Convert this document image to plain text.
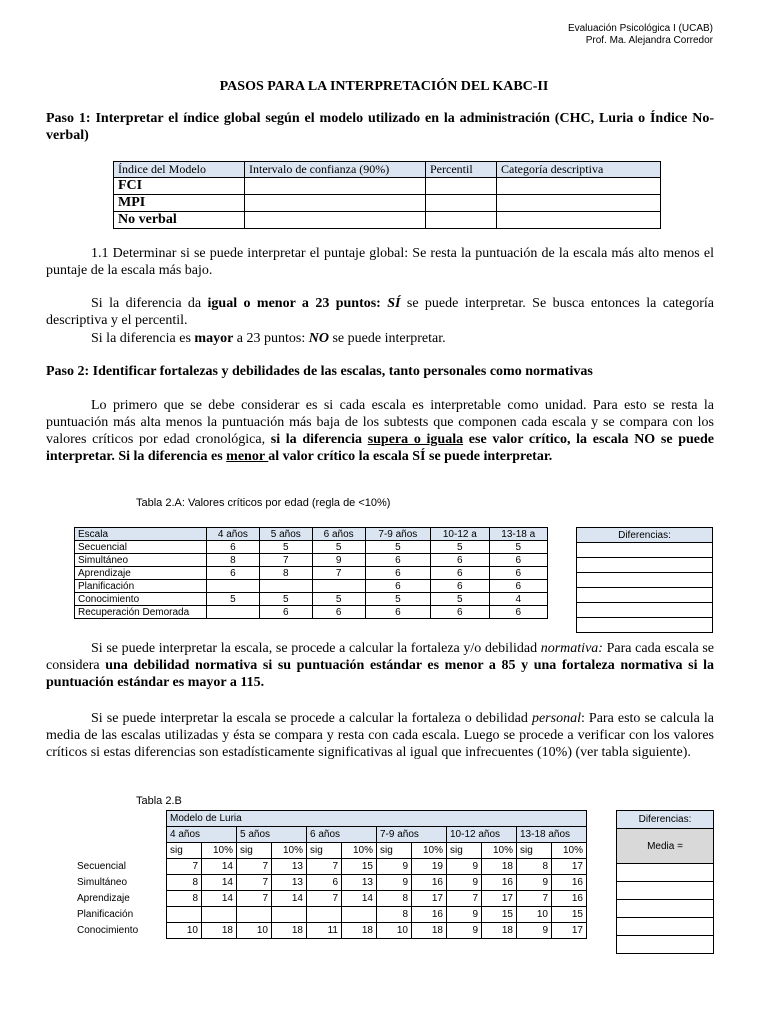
Evaluación Psicológica I (UCAB)
Prof. Ma. Alejandra Corredor
PASOS PARA LA INTERPRETACIÓN DEL KABC-II
Paso 1: Interpretar el índice global según el modelo utilizado en la administración (CHC, Luria o Índice No-verbal)
Índice del Modelo	Intervalo de confianza (90%)	Percentil	Categoría descriptiva
FCI			
MPI			
No verbal			
1.1 Determinar si se puede interpretar el puntaje global: Se resta la puntuación de la escala más alto menos el puntaje de la escala más bajo.
Si la diferencia da igual o menor a 23 puntos: SÍ se puede interpretar. Se busca entonces la categoría descriptiva y el percentil.
Si la diferencia es mayor a 23 puntos: NO se puede interpretar.
Paso 2: Identificar fortalezas y debilidades de las escalas, tanto personales como normativas
Lo primero que se debe considerar es si cada escala es interpretable como unidad. Para esto se resta la puntuación más alta menos la puntuación más baja de los subtests que componen cada escala y se compara con los valores críticos por edad cronológica, si la diferencia supera o iguala ese valor crítico, la escala NO se puede interpretar. Si la diferencia es menor al valor crítico la escala SÍ se puede interpretar.
Tabla 2.A: Valores críticos por edad (regla de <10%)
Escala	4 años	5 años	6 años	7-9 años	10-12 a	13-18 a
Secuencial	6	5	5	5	5	5
Simultáneo	8	7	9	6	6	6
Aprendizaje	6	8	7	6	6	6
Planificación				6	6	6
Conocimiento	5	5	5	5	5	4
Recuperación Demorada		6	6	6	6	6
Diferencias:

Si se puede interpretar la escala, se procede a calcular la fortaleza y/o debilidad normativa: Para cada escala se considera una debilidad normativa si su puntuación estándar es menor a 85 y una fortaleza normativa si la puntuación estándar es mayor a 115.
Si se puede interpretar la escala se procede a calcular la fortaleza o debilidad personal: Para esto se calcula la media de las escalas utilizadas y ésta se compara y resta con cada escala. Luego se procede a verificar con los valores críticos si estas diferencias son estadísticamente significativas al igual que infrecuentes (10%) (ver tabla siguiente).
Tabla 2.B
	Modelo de Luria											
	4 años		5 años		6 años		7-9 años		10-12 años		13-18 años	
	sig	10%	sig	10%	sig	10%	sig	10%	sig	10%	sig	10%
Secuencial	7	14	7	13	7	15	9	19	9	18	8	17
Simultáneo	8	14	7	13	6	13	9	16	9	16	9	16
Aprendizaje	8	14	7	14	7	14	8	17	7	17	7	16
Planificación							8	16	9	15	10	15
Conocimiento	10	18	10	18	11	18	10	18	9	18	9	17
Diferencias:
Media =
